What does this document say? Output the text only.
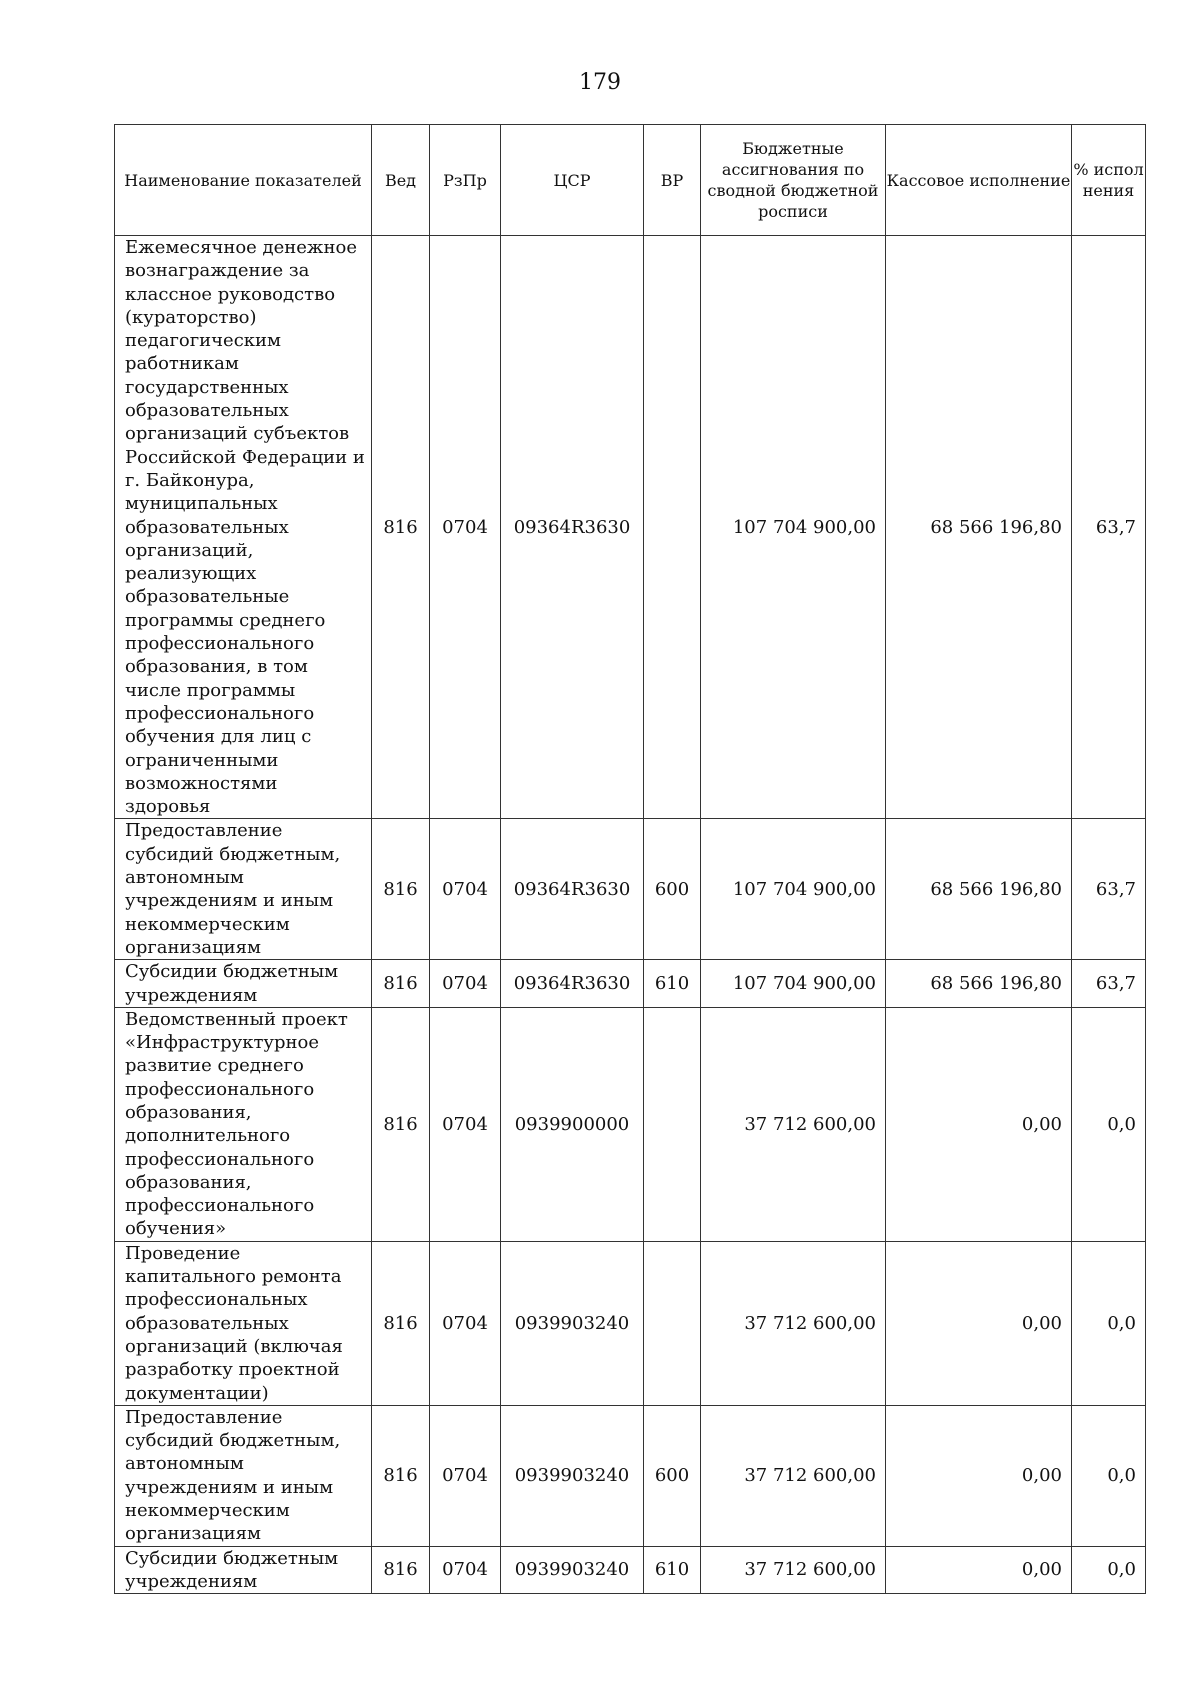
179
Наименование показателей	Вед	РзПр	ЦСР	ВР	Бюджетные ассигнования по сводной бюджетной росписи	Кассовое исполнение	% испол нения
Ежемесячное денежное вознаграждение за классное руководство (кураторство) педагогическим работникам государственных образовательных организаций субъектов Российской Федерации и г. Байконура, муниципальных образовательных организаций, реализующих образовательные программы среднего профессионального образования, в том числе программы профессионального обучения для лиц с ограниченными возможностями здоровья	816	0704	09364R3630		107 704 900,00	68 566 196,80	63,7
Предоставление субсидий бюджетным, автономным учреждениям и иным некоммерческим организациям	816	0704	09364R3630	600	107 704 900,00	68 566 196,80	63,7
Субсидии бюджетным учреждениям	816	0704	09364R3630	610	107 704 900,00	68 566 196,80	63,7
Ведомственный проект «Инфраструктурное развитие среднего профессионального образования, дополнительного профессионального образования, профессионального обучения»	816	0704	0939900000		37 712 600,00	0,00	0,0
Проведение капитального ремонта профессиональных образовательных организаций (включая разработку проектной документации)	816	0704	0939903240		37 712 600,00	0,00	0,0
Предоставление субсидий бюджетным, автономным учреждениям и иным некоммерческим организациям	816	0704	0939903240	600	37 712 600,00	0,00	0,0
Субсидии бюджетным учреждениям	816	0704	0939903240	610	37 712 600,00	0,00	0,0
